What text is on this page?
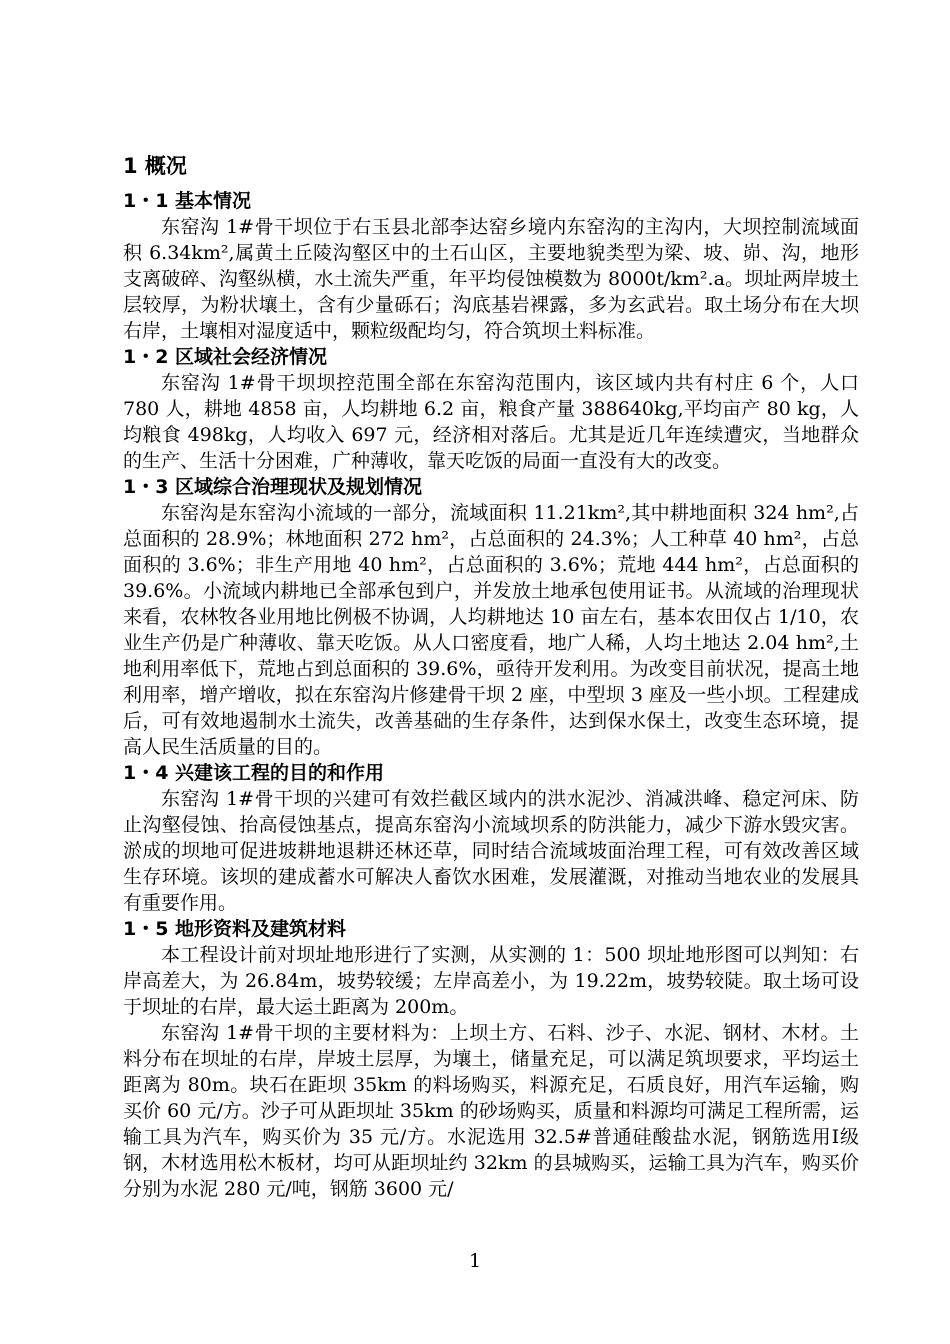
1 概况
1・1 基本情况

东窑沟 1#骨干坝位于右玉县北部李达窑乡境内东窑沟的主沟内，大坝控制流域面积 6.34km²,属黄土丘陵沟壑区中的土石山区，主要地貌类型为梁、坡、峁、沟，地形支离破碎、沟壑纵横，水土流失严重，年平均侵蚀模数为 8000t/km².a。坝址两岸坡土层较厚，为粉状壤土，含有少量砾石；沟底基岩裸露，多为玄武岩。取土场分布在大坝右岸，土壤相对湿度适中，颗粒级配均匀，符合筑坝土料标准。

1・2 区域社会经济情况

东窑沟 1#骨干坝坝控范围全部在东窑沟范围内，该区域内共有村庄 6 个，人口 780 人，耕地 4858 亩，人均耕地 6.2 亩，粮食产量 388640kg,平均亩产 80 kg，人均粮食 498kg，人均收入 697 元，经济相对落后。尤其是近几年连续遭灾，当地群众的生产、生活十分困难，广种薄收，靠天吃饭的局面一直没有大的改变。

1・3 区域综合治理现状及规划情况

东窑沟是东窑沟小流域的一部分，流域面积 11.21km²,其中耕地面积 324 hm²,占总面积的 28.9%；林地面积 272 hm²，占总面积的 24.3%；人工种草 40 hm²，占总面积的 3.6%；非生产用地 40 hm²，占总面积的 3.6%；荒地 444 hm²，占总面积的 39.6%。小流域内耕地已全部承包到户，并发放土地承包使用证书。从流域的治理现状来看，农林牧各业用地比例极不协调，人均耕地达 10 亩左右，基本农田仅占 1/10，农业生产仍是广种薄收、靠天吃饭。从人口密度看，地广人稀，人均土地达 2.04 hm²,土地利用率低下，荒地占到总面积的 39.6%，亟待开发利用。为改变目前状况，提高土地利用率，增产增收，拟在东窑沟片修建骨干坝 2 座，中型坝 3 座及一些小坝。工程建成后，可有效地遏制水土流失，改善基础的生存条件，达到保水保土，改变生态环境，提高人民生活质量的目的。

1・4 兴建该工程的目的和作用

东窑沟 1#骨干坝的兴建可有效拦截区域内的洪水泥沙、消减洪峰、稳定河床、防止沟壑侵蚀、抬高侵蚀基点，提高东窑沟小流域坝系的防洪能力，减少下游水毁灾害。淤成的坝地可促进坡耕地退耕还林还草，同时结合流域坡面治理工程，可有效改善区域生存环境。该坝的建成蓄水可解决人畜饮水困难，发展灌溉，对推动当地农业的发展具有重要作用。

1・5 地形资料及建筑材料

本工程设计前对坝址地形进行了实测，从实测的 1：500 坝址地形图可以判知：右岸高差大，为 26.84m，坡势较缓；左岸高差小，为 19.22m，坡势较陡。取土场可设于坝址的右岸，最大运土距离为 200m。

东窑沟 1#骨干坝的主要材料为：上坝土方、石料、沙子、水泥、钢材、木材。土料分布在坝址的右岸，岸坡土层厚，为壤土，储量充足，可以满足筑坝要求，平均运土距离为 80m。块石在距坝 35km 的料场购买，料源充足，石质良好，用汽车运输，购买价 60 元/方。沙子可从距坝址 35km 的砂场购买，质量和料源均可满足工程所需，运输工具为汽车，购买价为 35 元/方。水泥选用 32.5#普通硅酸盐水泥，钢筋选用Ⅰ级钢，木材选用松木板材，均可从距坝址约 32km 的县城购买，运输工具为汽车，购买价分别为水泥 280 元/吨，钢筋 3600 元/

1
